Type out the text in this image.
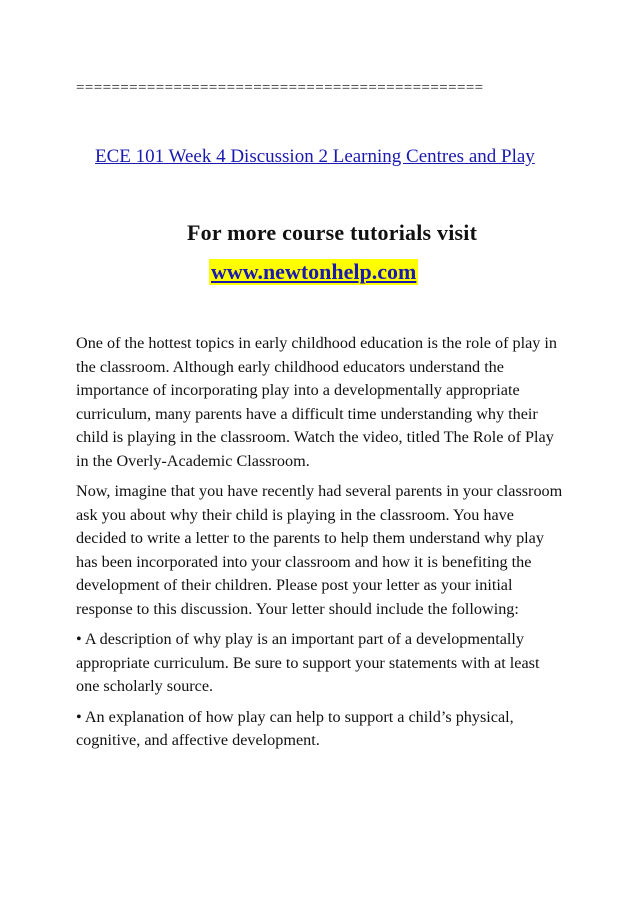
==============================================
ECE 101 Week 4 Discussion 2 Learning Centres and Play
For more course tutorials visit
www.newtonhelp.com

One of the hottest topics in early childhood education is the role of play in the classroom. Although early childhood educators understand the importance of incorporating play into a developmentally appropriate curriculum, many parents have a difficult time understanding why their child is playing in the classroom. Watch the video, titled The Role of Play in the Overly-Academic Classroom.

Now, imagine that you have recently had several parents in your classroom ask you about why their child is playing in the classroom. You have decided to write a letter to the parents to help them understand why play has been incorporated into your classroom and how it is benefiting the development of their children. Please post your letter as your initial response to this discussion. Your letter should include the following:

• A description of why play is an important part of a developmentally appropriate curriculum. Be sure to support your statements with at least one scholarly source.

• An explanation of how play can help to support a child’s physical, cognitive, and affective development.
